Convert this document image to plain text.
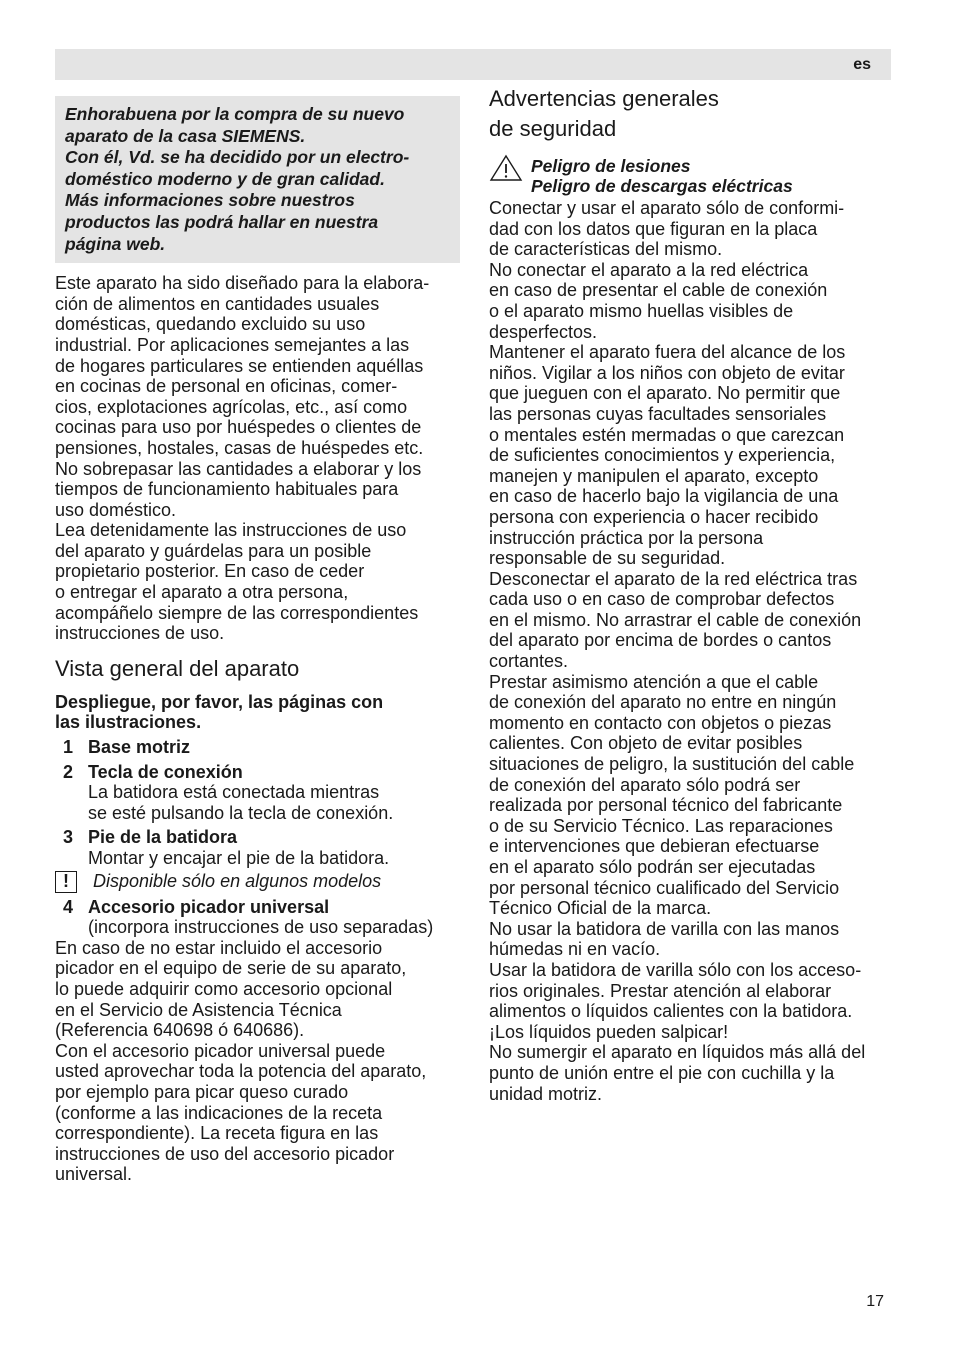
es
Enhorabuena por la compra de su nuevo
aparato de la casa SIEMENS.
Con él, Vd. se ha decidido por un electro-
doméstico moderno y de gran calidad.
Más informaciones sobre nuestros
productos las podrá hallar en nuestra
página web.
Este aparato ha sido diseñado para la elabora-
ción de alimentos en cantidades usuales
domésticas, quedando excluido su uso
industrial. Por aplicaciones semejantes a las
de hogares particulares se entienden aquéllas
en cocinas de personal en oficinas, comer-
cios, explotaciones agrícolas, etc., así como
cocinas para uso por huéspedes o clientes de
pensiones, hostales, casas de huéspedes etc.
No sobrepasar las cantidades a elaborar y los
tiempos de funcionamiento habituales para
uso doméstico.
Lea detenidamente las instrucciones de uso
del aparato y guárdelas para un posible
propietario posterior. En caso de ceder
o entregar el aparato a otra persona,
acompáñelo siempre de las correspondientes
instrucciones de uso.
Vista general del aparato
Despliegue, por favor, las páginas con
las ilustraciones.
1 Base motriz
2 Tecla de conexión
La batidora está conectada mientras
se esté pulsando la tecla de conexión.
3 Pie de la batidora
Montar y encajar el pie de la batidora.
!	Disponible sólo en algunos modelos
4 Accesorio picador universal
(incorpora instrucciones de uso separadas)
En caso de no estar incluido el accesorio
picador en el equipo de serie de su aparato,
lo puede adquirir como accesorio opcional
en el Servicio de Asistencia Técnica
(Referencia 640698 ó 640686).
Con el accesorio picador universal puede
usted aprovechar toda la potencia del aparato,
por ejemplo para picar queso curado
(conforme a las indicaciones de la receta
correspondiente). La receta figura en las
instrucciones de uso del accesorio picador
universal.
Advertencias generales
de seguridad
Peligro de lesiones
Peligro de descargas eléctricas
Conectar y usar el aparato sólo de conformi-
dad con los datos que figuran en la placa
de características del mismo.
No conectar el aparato a la red eléctrica
en caso de presentar el cable de conexión
o el aparato mismo huellas visibles de
desperfectos.
Mantener el aparato fuera del alcance de los
niños. Vigilar a los niños con objeto de evitar
que jueguen con el aparato. No permitir que
las personas cuyas facultades sensoriales
o mentales estén mermadas o que carezcan
de suficientes conocimientos y experiencia,
manejen y manipulen el aparato, excepto
en caso de hacerlo bajo la vigilancia de una
persona con experiencia o hacer recibido
instrucción práctica por la persona
responsable de su seguridad.
Desconectar el aparato de la red eléctrica tras
cada uso o en caso de comprobar defectos
en el mismo. No arrastrar el cable de conexión
del aparato por encima de bordes o cantos
cortantes.
Prestar asimismo atención a que el cable
de conexión del aparato no entre en ningún
momento en contacto con objetos o piezas
calientes. Con objeto de evitar posibles
situaciones de peligro, la sustitución del cable
de conexión del aparato sólo podrá ser
realizada por personal técnico del fabricante
o de su Servicio Técnico. Las reparaciones
e intervenciones que debieran efectuarse
en el aparato sólo podrán ser ejecutadas
por personal técnico cualificado del Servicio
Técnico Oficial de la marca.
No usar la batidora de varilla con las manos
húmedas ni en vacío.
Usar la batidora de varilla sólo con los acceso-
rios originales. Prestar atención al elaborar
alimentos o líquidos calientes con la batidora.
¡Los líquidos pueden salpicar!
No sumergir el aparato en líquidos más allá del
punto de unión entre el pie con cuchilla y la
unidad motriz.
17
